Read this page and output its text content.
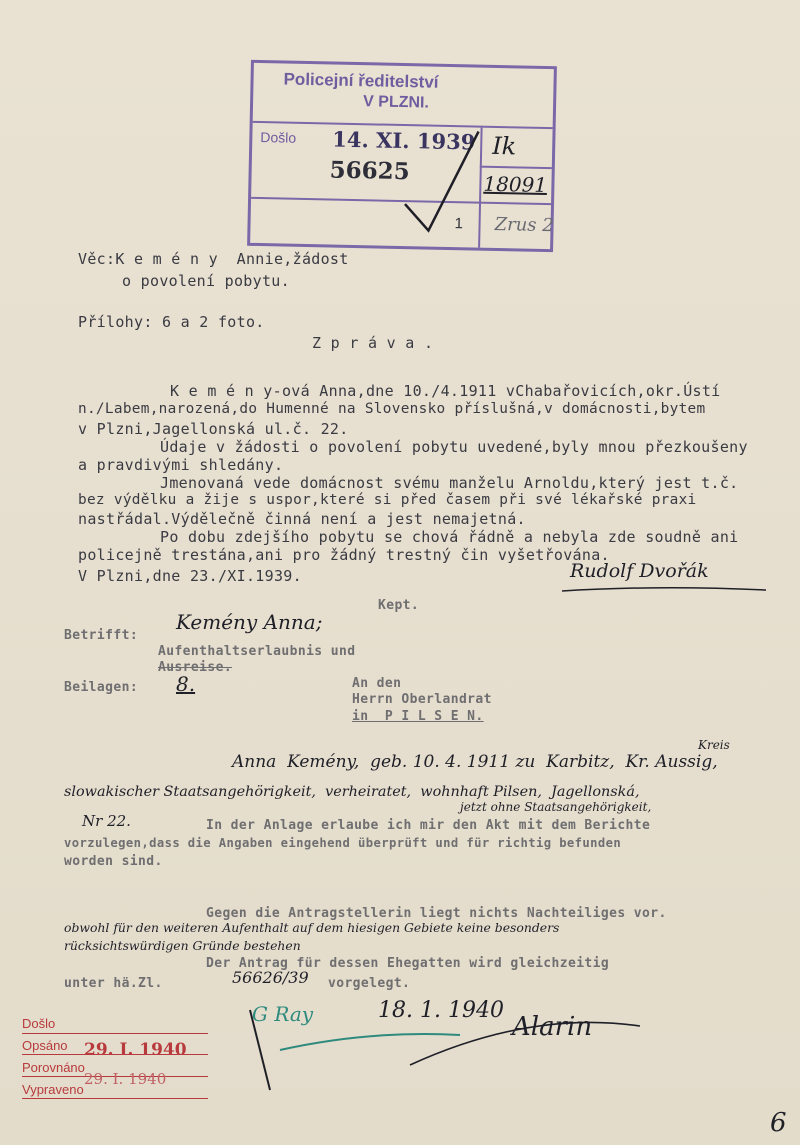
Policejní ředitelství
V PLZNI.
Došlo 14. XI. 1939
56625
Ik
18091
1 Zrus 2
Věc:K e m é n y  Annie,žádost
o povolení pobytu.
Přílohy: 6 a 2 foto.
Z p r á v a .
K e m é n y-ová Anna,dne 10./4.1911 vChabařovicích,okr.Ústí
n./Labem,narozená,do Humenné na Slovensko příslušná,v domácnosti,bytem
v Plzni,Jagellonská ul.č. 22.
Údaje v žádosti o povolení pobytu uvedené,byly mnou přezkoušeny
a pravdivými shledány.
Jmenovaná vede domácnost svému manželu Arnoldu,který jest t.č.
bez výdělku a žije s uspor,které si před časem při své lékařské praxi
nastřádal.Výdělečně činná není a jest nemajetná.
Po dobu zdejšího pobytu se chová řádně a nebyla zde soudně ani
policejně trestána,ani pro žádný trestný čin vyšetřována.
V Plzni,dne 23./XI.1939.	Rudolf Dvořák
Kept.
Betrifft:
Kemény Anna;
Aufenthaltserlaubnis und
Ausreise.
Beilagen: 8.	An den
Herrn Oberlandrat
in  P I L S E N.
Kreis
Anna  Kemény,  geb. 10. 4. 1911 zu  Karbitz,  Kr. Aussig,
slowakischer Staatsangehörigkeit,  verheiratet,  wohnhaft Pilsen,  Jagellonská,
Nr 22.
jetzt ohne Staatsangehörigkeit,
In der Anlage erlaube ich mir den Akt mit dem Berichte
vorzulegen,dass die Angaben eingehend überprüft und für richtig befunden
worden sind.
Gegen die Antragstellerin liegt nichts Nachteiliges vor.
obwohl für den weiteren Aufenthalt auf dem hiesigen Gebiete keine besonders
rücksichtswürdigen Gründe bestehen
Der Antrag für dessen Ehegatten wird gleichzeitig
unter hä.Zl.	56626/39 vorgelegt.
18. 1. 1940
Alarin
G Ray
Došlo
Opsáno 29. I. 1940
Porovnáno
29. I. 1940
Vypraveno
6
